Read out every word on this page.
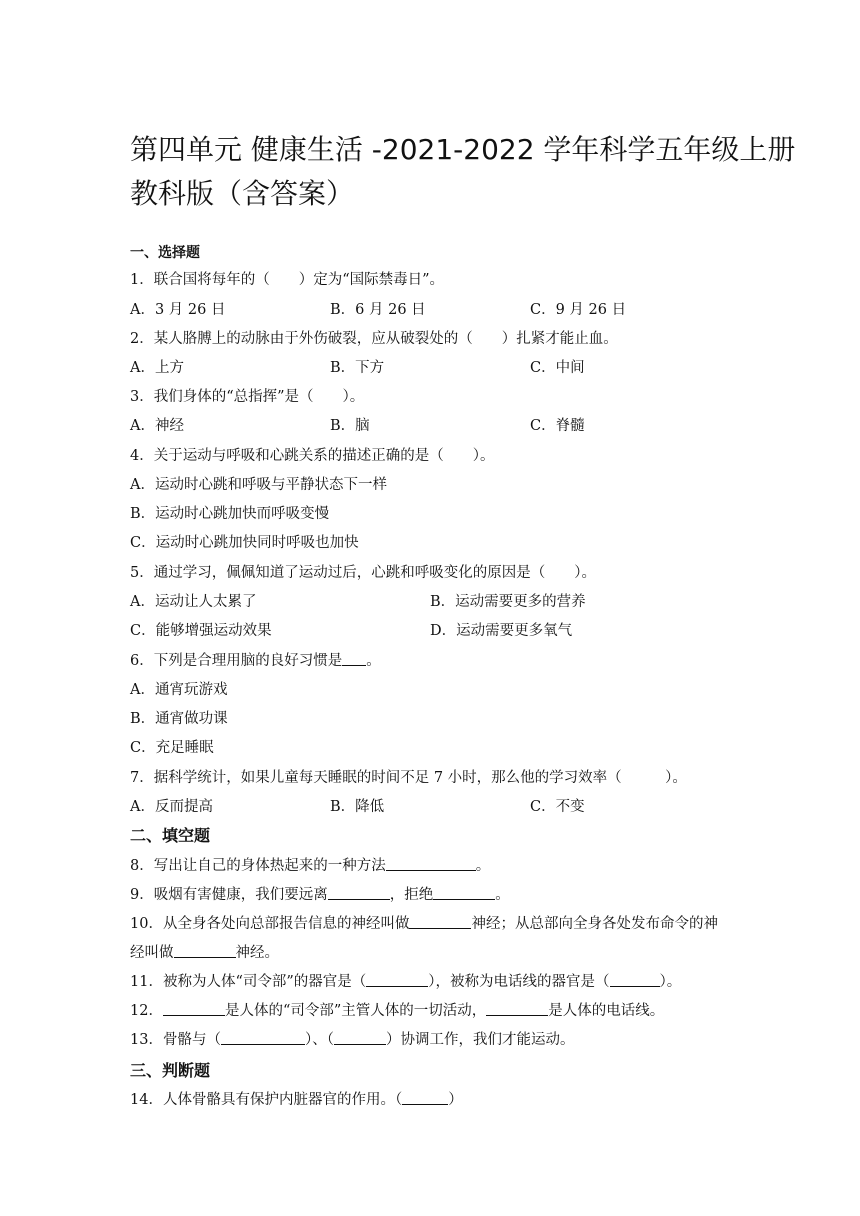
第四单元 健康生活 -2021-2022 学年科学五年级上册
教科版（含答案）
一、选择题
1．联合国将每年的（　　）定为“国际禁毒日”。
A．3 月 26 日	B．6 月 26 日	C．9 月 26 日
2．某人胳膊上的动脉由于外伤破裂，应从破裂处的（　　）扎紧才能止血。
A．上方	B．下方	C．中间
3．我们身体的“总指挥”是（　　）。
A．神经	B．脑	C．脊髓
4．关于运动与呼吸和心跳关系的描述正确的是（　　）。
A．运动时心跳和呼吸与平静状态下一样
B．运动时心跳加快而呼吸变慢
C．运动时心跳加快同时呼吸也加快
5．通过学习，佩佩知道了运动过后，心跳和呼吸变化的原因是（　　）。
A．运动让人太累了	B．运动需要更多的营养
C．能够增强运动效果	D．运动需要更多氧气
6．下列是合理用脑的良好习惯是 。
A．通宵玩游戏
B．通宵做功课
C．充足睡眠
7．据科学统计，如果儿童每天睡眠的时间不足 7 小时，那么他的学习效率（　　　）。
A．反而提高	B．降低	C．不变
二、填空题
8．写出让自己的身体热起来的一种方法	。
9．吸烟有害健康，我们要远离	，拒绝	。
10．从全身各处向总部报告信息的神经叫做	神经；从总部向全身各处发布命令的神
经叫做	神经。
11．被称为人体“司令部”的器官是（	），被称为电话线的器官是（	）。
12．	是人体的“司令部”主管人体的一切活动，	是人体的电话线。
13．骨骼与（	）、（	）协调工作，我们才能运动。
三、判断题
14．人体骨骼具有保护内脏器官的作用。（	）
